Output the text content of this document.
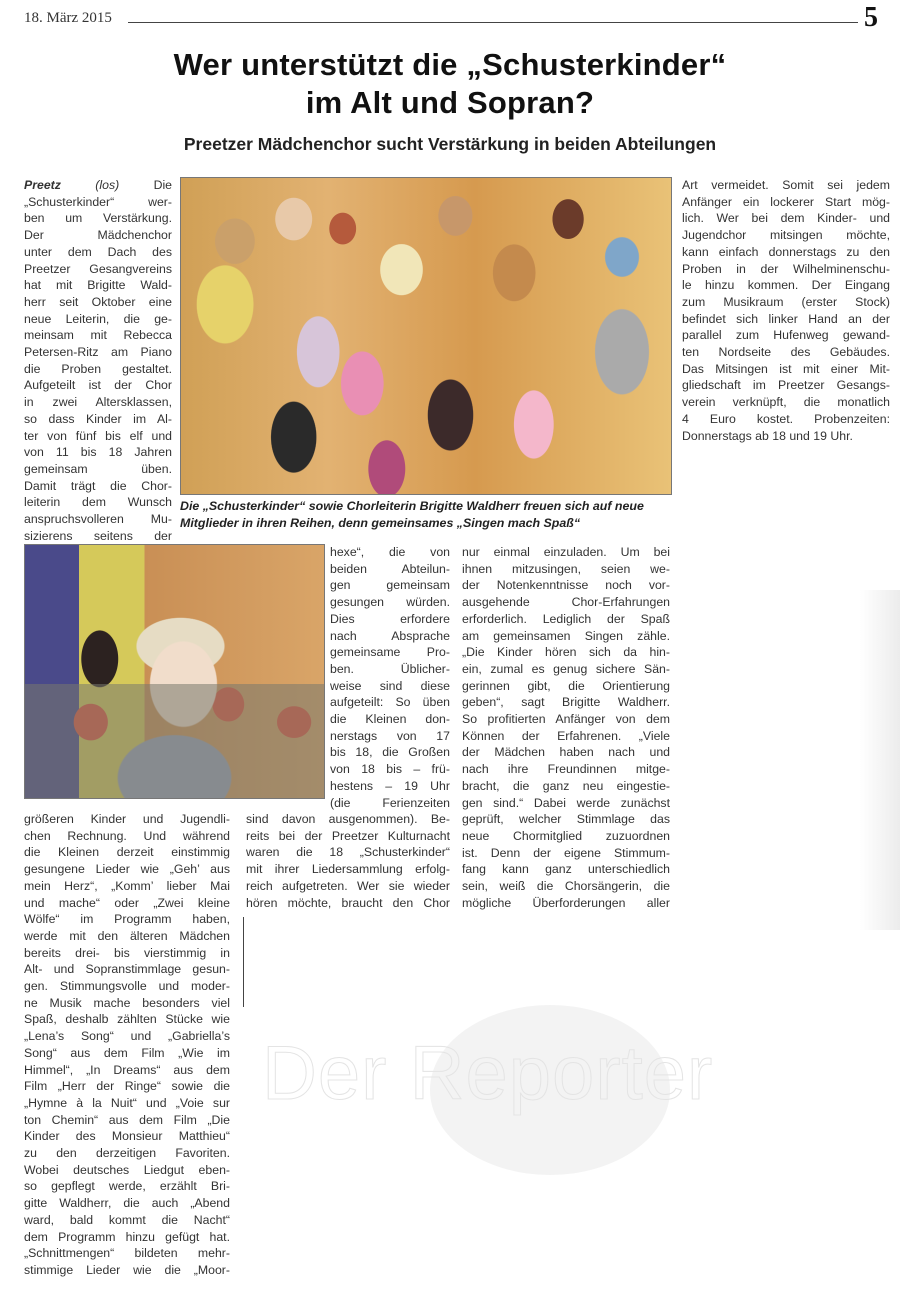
18. März 2015	5
Wer unterstützt die „Schusterkinder“
im Alt und Sopran?
Preetzer Mädchenchor sucht Verstärkung in beiden Abteilungen
Preetz	(los)	Die
„Schusterkinder“ wer-
ben um Verstärkung.
Der Mädchenchor
unter dem Dach des
Preetzer Gesangvereins
hat mit Brigitte Wald-
herr seit Oktober eine
neue Leiterin, die ge-
meinsam mit Rebecca
Petersen-Ritz am Piano
die Proben gestaltet.
Aufgeteilt ist der Chor
in zwei Altersklassen,
so dass Kinder im Al-
ter von fünf bis elf und
von 11 bis 18 Jahren
gemeinsam üben.
Damit trägt die Chor-
leiterin dem Wunsch
anspruchsvolleren Mu-
sizierens seitens der
Die „Schusterkinder“ sowie Chorleiterin Brigitte Waldherr freuen sich auf neue
Mitglieder in ihren Reihen, denn gemeinsames „Singen mach Spaß“
Art vermeidet. Somit sei jedem
Anfänger ein lockerer Start mög-
lich. Wer bei dem Kinder- und
Jugendchor mitsingen möchte,
kann einfach donnerstags zu den
Proben in der Wilhelminenschu-
le hinzu kommen. Der Eingang
zum Musikraum (erster Stock)
befindet sich linker Hand an der
parallel zum Hufenweg gewand-
ten Nordseite des Gebäudes.
Das Mitsingen ist mit einer Mit-
gliedschaft im Preetzer Gesangs-
verein verknüpft, die monatlich
4 Euro kostet. Probenzeiten:
Donnerstags ab 18 und 19 Uhr.
hexe“, die von
beiden Abteilun-
gen gemeinsam
gesungen würden.
Dies erfordere
nach Absprache
gemeinsame Pro-
ben. Üblicher-
weise sind diese
aufgeteilt: So üben
die Kleinen don-
nerstags von 17
bis 18, die Großen
von 18 bis – frü-
hestens – 19 Uhr
(die Ferienzeiten
sind davon ausgenommen). Be-
reits bei der Preetzer Kulturnacht
waren die 18 „Schusterkinder“
mit ihrer Liedersammlung erfolg-
reich aufgetreten. Wer sie wieder
hören möchte, braucht den Chor
nur einmal einzuladen. Um bei
ihnen mitzusingen, seien we-
der Notenkenntnisse noch vor-
ausgehende Chor-Erfahrungen
erforderlich. Lediglich der Spaß
am gemeinsamen Singen zähle.
„Die Kinder hören sich da hin-
ein, zumal es genug sichere Sän-
gerinnen gibt, die Orientierung
geben“, sagt Brigitte Waldherr.
So profitierten Anfänger von dem
Können der Erfahrenen. „Viele
der Mädchen haben nach und
nach ihre Freundinnen mitge-
bracht, die ganz neu eingestie-
gen sind.“ Dabei werde zunächst
geprüft, welcher Stimmlage das
neue Chormitglied zuzuordnen
ist. Denn der eigene Stimmum-
fang kann ganz unterschiedlich
sein, weiß die Chorsängerin, die
mögliche Überforderungen aller
größeren Kinder und Jugendli-
chen Rechnung. Und während
die Kleinen derzeit einstimmig
gesungene Lieder wie „Geh’ aus
mein Herz“, „Komm’ lieber Mai
und mache“ oder „Zwei kleine
Wölfe“ im Programm haben,
werde mit den älteren Mädchen
bereits drei- bis vierstimmig in
Alt- und Sopranstimmlage gesun-
gen. Stimmungsvolle und moder-
ne Musik mache besonders viel
Spaß, deshalb zählten Stücke wie
„Lena’s Song“ und „Gabriella’s
Song“ aus dem Film „Wie im
Himmel“, „In Dreams“ aus dem
Film „Herr der Ringe“ sowie die
„Hymne à la Nuit“ und „Voie sur
ton Chemin“ aus dem Film „Die
Kinder des Monsieur Matthieu“
zu den derzeitigen Favoriten.
Wobei deutsches Liedgut eben-
so gepflegt werde, erzählt Bri-
gitte Waldherr, die auch „Abend
ward, bald kommt die Nacht“
dem Programm hinzu gefügt hat.
„Schnittmengen“ bildeten mehr-
stimmige Lieder wie die „Moor-
Der Reporter
